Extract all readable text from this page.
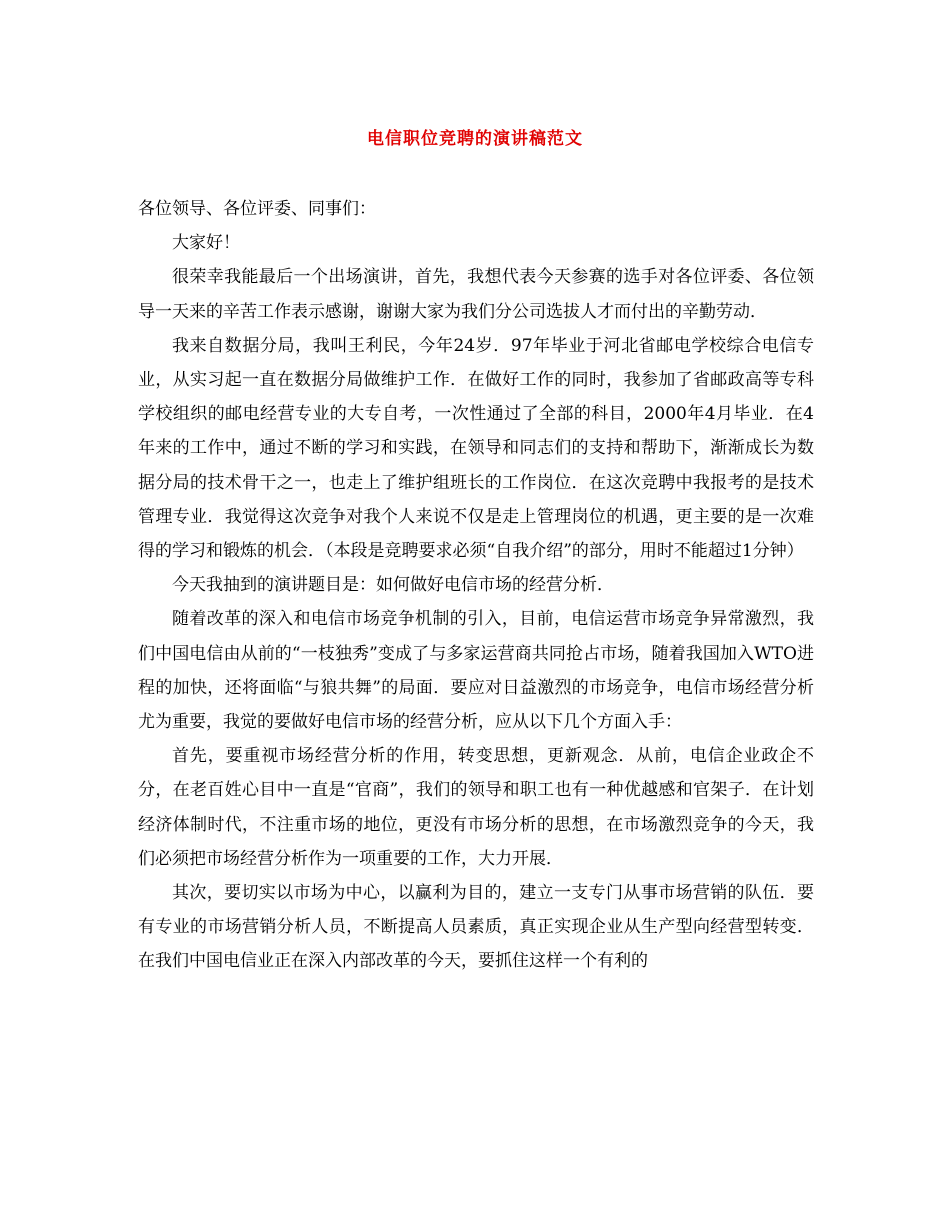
电信职位竞聘的演讲稿范文

各位领导、各位评委、同事们：

大家好！

很荣幸我能最后一个出场演讲，首先，我想代表今天参赛的选手对各位评委、各位领导一天来的辛苦工作表示感谢，谢谢大家为我们分公司选拔人才而付出的辛勤劳动．

我来自数据分局，我叫王利民，今年24岁．97年毕业于河北省邮电学校综合电信专业，从实习起一直在数据分局做维护工作．在做好工作的同时，我参加了省邮政高等专科学校组织的邮电经营专业的大专自考，一次性通过了全部的科目，2000年4月毕业．在4年来的工作中，通过不断的学习和实践，在领导和同志们的支持和帮助下，渐渐成长为数据分局的技术骨干之一，也走上了维护组班长的工作岗位．在这次竞聘中我报考的是技术管理专业．我觉得这次竞争对我个人来说不仅是走上管理岗位的机遇，更主要的是一次难得的学习和锻炼的机会．（本段是竞聘要求必须“自我介绍”的部分，用时不能超过1分钟）

今天我抽到的演讲题目是：如何做好电信市场的经营分析．

随着改革的深入和电信市场竞争机制的引入，目前，电信运营市场竞争异常激烈，我们中国电信由从前的“一枝独秀”变成了与多家运营商共同抢占市场，随着我国加入WTO进程的加快，还将面临“与狼共舞”的局面．要应对日益激烈的市场竞争，电信市场经营分析尤为重要，我觉的要做好电信市场的经营分析，应从以下几个方面入手：

首先，要重视市场经营分析的作用，转变思想，更新观念．从前，电信企业政企不分，在老百姓心目中一直是“官商”，我们的领导和职工也有一种优越感和官架子．在计划经济体制时代，不注重市场的地位，更没有市场分析的思想，在市场激烈竞争的今天，我们必须把市场经营分析作为一项重要的工作，大力开展．

其次，要切实以市场为中心，以赢利为目的，建立一支专门从事市场营销的队伍．要有专业的市场营销分析人员，不断提高人员素质，真正实现企业从生产型向经营型转变．在我们中国电信业正在深入内部改革的今天，要抓住这样一个有利的
